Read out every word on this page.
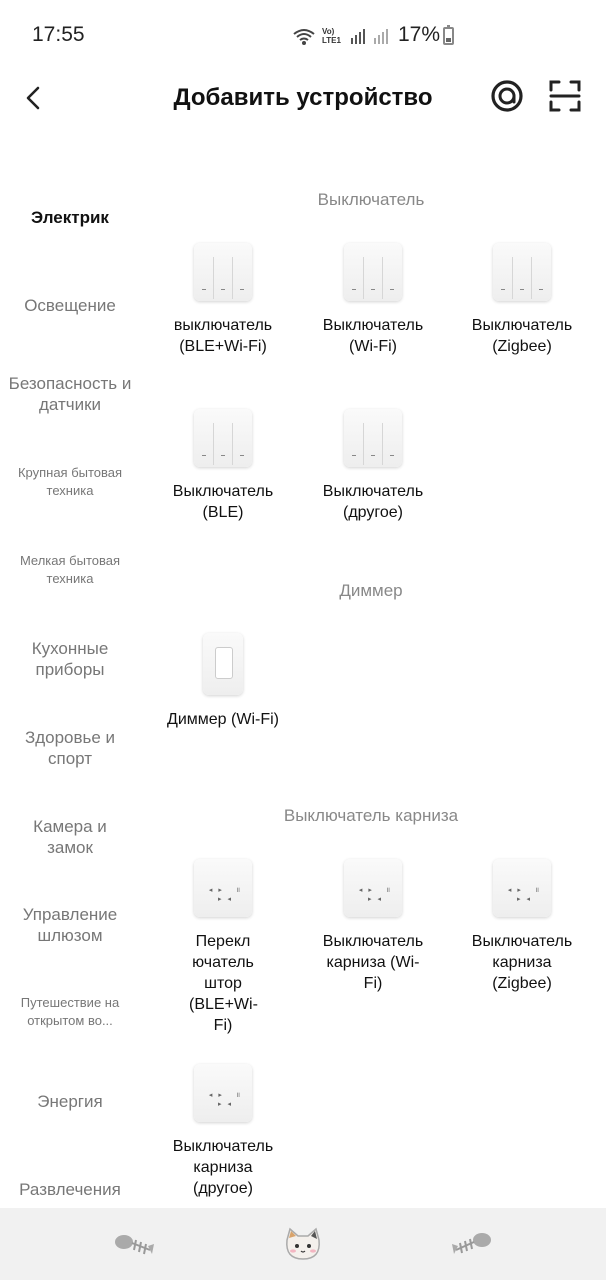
17:55	Vo) LTE1	17%
Добавить устройство
Электрик
Освещение
Безопасность и датчики
Крупная бытовая техника
Мелкая бытовая техника
Кухонные приборы
Здоровье и спорт
Камера и замок
Управление шлюзом
Путешествие на открытом во...
Энергия
Развлечения
Выключатель
выключатель (BLE+Wi-Fi)
Выключатель (Wi-Fi)
Выключатель (Zigbee)
Выключатель (BLE)
Выключатель (другое)
Диммер
Диммер (Wi-Fi)
Выключатель карниза
◂▸ ॥ ▸◂
Перекл ючатель штор (BLE+Wi-Fi)
◂▸ ॥ ▸◂
Выключатель карниза (Wi-Fi)
◂▸ ॥ ▸◂
Выключатель карниза (Zigbee)
◂▸ ॥ ▸◂
Выключатель карниза (другое)
